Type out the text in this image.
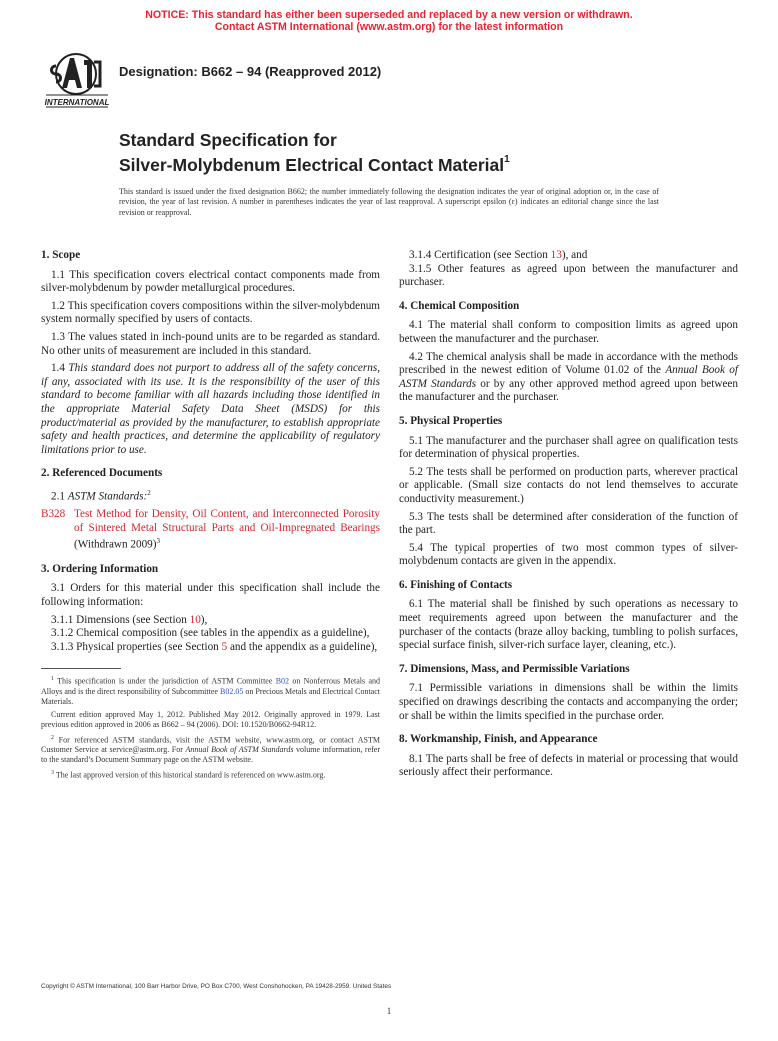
NOTICE: This standard has either been superseded and replaced by a new version or withdrawn.
Contact ASTM International (www.astm.org) for the latest information
INTERNATIONAL
Designation: B662 – 94 (Reapproved 2012)
Standard Specification for
Silver-Molybdenum Electrical Contact Material$^1$
This standard is issued under the fixed designation B662; the number immediately following the designation indicates the year of original adoption or, in the case of revision, the year of last revision. A number in parentheses indicates the year of last reapproval. A superscript epsilon (ε) indicates an editorial change since the last revision or reapproval.
1. Scope

1.1 This specification covers electrical contact components made from silver-molybdenum by powder metallurgical procedures.

1.2 This specification covers compositions within the silver-molybdenum system normally specified by users of contacts.

1.3 The values stated in inch-pound units are to be regarded as standard. No other units of measurement are included in this standard.

1.4 This standard does not purport to address all of the safety concerns, if any, associated with its use. It is the responsibility of the user of this standard to become familiar with all hazards including those identified in the appropriate Material Safety Data Sheet (MSDS) for this product/material as provided by the manufacturer, to establish appropriate safety and health practices, and determine the applicability of regulatory limitations prior to use.

2. Referenced Documents

2.1 ASTM Standards:$^2$

B328 Test Method for Density, Oil Content, and Interconnected Porosity of Sintered Metal Structural Parts and Oil-Impregnated Bearings (Withdrawn 2009)$^3$
3. Ordering Information

3.1 Orders for this material under this specification shall include the following information:

3.1.1 Dimensions (see Section 10),

3.1.2 Chemical composition (see tables in the appendix as a guideline),

3.1.3 Physical properties (see Section 5 and the appendix as a guideline),

$^1$ This specification is under the jurisdiction of ASTM Committee B02 on Nonferrous Metals and Alloys and is the direct responsibility of Subcommittee B02.05 on Precious Metals and Electrical Contact Materials.

Current edition approved May 1, 2012. Published May 2012. Originally approved in 1979. Last previous edition approved in 2006 as B662 – 94 (2006). DOI: 10.1520/B0662-94R12.

$^2$ For referenced ASTM standards, visit the ASTM website, www.astm.org, or contact ASTM Customer Service at service@astm.org. For Annual Book of ASTM Standards volume information, refer to the standard’s Document Summary page on the ASTM website.

$^3$ The last approved version of this historical standard is referenced on www.astm.org.

3.1.4 Certification (see Section 13), and

3.1.5 Other features as agreed upon between the manufacturer and purchaser.

4. Chemical Composition

4.1 The material shall conform to composition limits as agreed upon between the manufacturer and the purchaser.

4.2 The chemical analysis shall be made in accordance with the methods prescribed in the newest edition of Volume 01.02 of the Annual Book of ASTM Standards or by any other approved method agreed upon between the manufacturer and the purchaser.

5. Physical Properties

5.1 The manufacturer and the purchaser shall agree on qualification tests for determination of physical properties.

5.2 The tests shall be performed on production parts, wherever practical or applicable. (Small size contacts do not lend themselves to accurate conductivity measurement.)

5.3 The tests shall be determined after consideration of the function of the part.

5.4 The typical properties of two most common types of silver-molybdenum contacts are given in the appendix.

6. Finishing of Contacts

6.1 The material shall be finished by such operations as necessary to meet requirements agreed upon between the manufacturer and the purchaser of the contacts (braze alloy backing, tumbling to polish surfaces, special surface finish, silver-rich surface layer, cleaning, etc.).

7. Dimensions, Mass, and Permissible Variations

7.1 Permissible variations in dimensions shall be within the limits specified on drawings describing the contacts and accompanying the order; or shall be within the limits specified in the purchase order.

8. Workmanship, Finish, and Appearance

8.1 The parts shall be free of defects in material or processing that would seriously affect their performance.

Copyright © ASTM International, 100 Barr Harbor Drive, PO Box C700, West Conshohocken, PA 19428-2959. United States
1
